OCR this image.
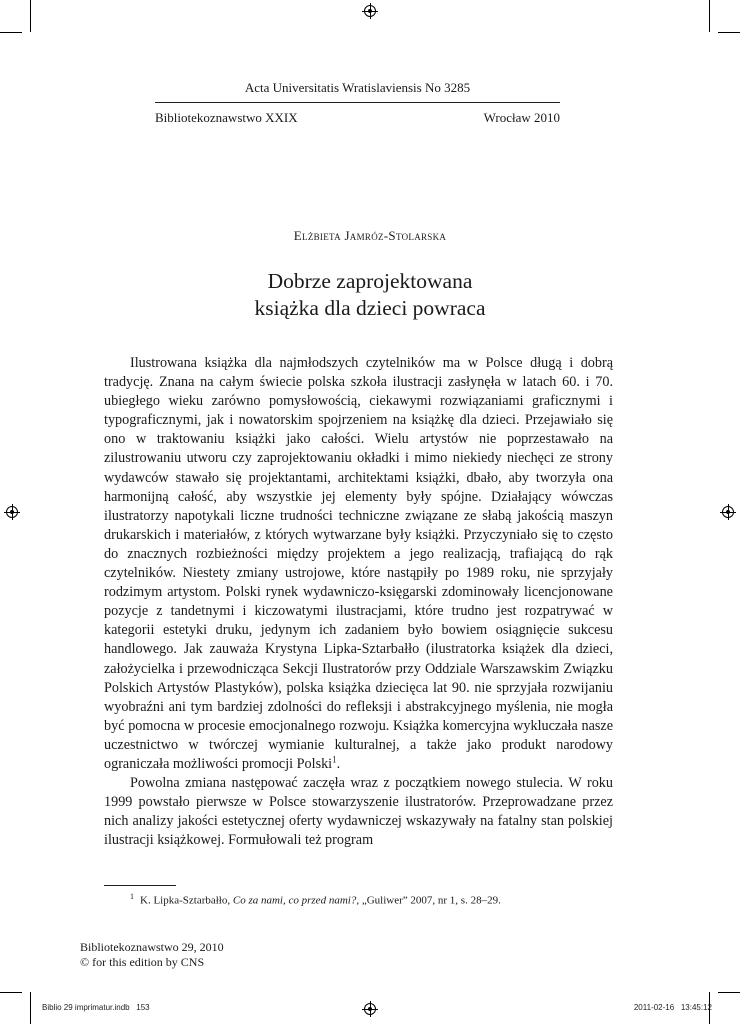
Acta Universitatis Wratislaviensis No 3285
Bibliotekoznawstwo XXIX	Wrocław 2010
Elżbieta Jamróz-Stolarska
Dobrze zaprojektowana
książka dla dzieci powraca

Ilustrowana książka dla najmłodszych czytelników ma w Polsce długą i dobrą tradycję. Znana na całym świecie polska szkoła ilustracji zasłynęła w latach 60. i 70. ubiegłego wieku zarówno pomysłowością, ciekawymi rozwiązaniami graficznymi i typograficznymi, jak i nowatorskim spojrzeniem na książkę dla dzieci. Przejawiało się ono w traktowaniu książki jako całości. Wielu artystów nie poprzestawało na zilustrowaniu utworu czy zaprojektowaniu okładki i mimo niekiedy niechęci ze strony wydawców stawało się projektantami, architektami książki, dbało, aby tworzyła ona harmonijną całość, aby wszystkie jej elementy były spójne. Działający wówczas ilustratorzy napotykali liczne trudności techniczne związane ze słabą jakością maszyn drukarskich i materiałów, z których wytwarzane były książki. Przyczyniało się to często do znacznych rozbieżności między projektem a jego realizacją, trafiającą do rąk czytelników. Niestety zmiany ustrojowe, które nastąpiły po 1989 roku, nie sprzyjały rodzimym artystom. Polski rynek wydawniczo-księgarski zdominowały licencjonowane pozycje z tandetnymi i kiczowatymi ilustracjami, które trudno jest rozpatrywać w kategorii estetyki druku, jedynym ich zadaniem było bowiem osiągnięcie sukcesu handlowego. Jak zauważa Krystyna Lipka-Sztarbałło (ilustratorka książek dla dzieci, założycielka i przewodnicząca Sekcji Ilustratorów przy Oddziale Warszawskim Związku Polskich Artystów Plastyków), polska książka dziecięca lat 90. nie sprzyjała rozwijaniu wyobraźni ani tym bardziej zdolności do refleksji i abstrakcyjnego myślenia, nie mogła być pomocna w procesie emocjonalnego rozwoju. Książka komercyjna wykluczała nasze uczestnictwo w twórczej wymianie kulturalnej, a także jako produkt narodowy ograniczała możliwości promocji Polski$^1$.

Powolna zmiana następować zaczęła wraz z początkiem nowego stulecia. W roku 1999 powstało pierwsze w Polsce stowarzyszenie ilustratorów. Przeprowadzane przez nich analizy jakości estetycznej oferty wydawniczej wskazywały na fatalny stan polskiej ilustracji książkowej. Formułowali też program

$^1$ K. Lipka-Sztarbałło, Co za nami, co przed nami?, „Guliwer” 2007, nr 1, s. 28–29.
Bibliotekoznawstwo 29, 2010
© for this edition by CNS
Biblio 29 imprimatur.indb   153	2011-02-16   13:45:12
